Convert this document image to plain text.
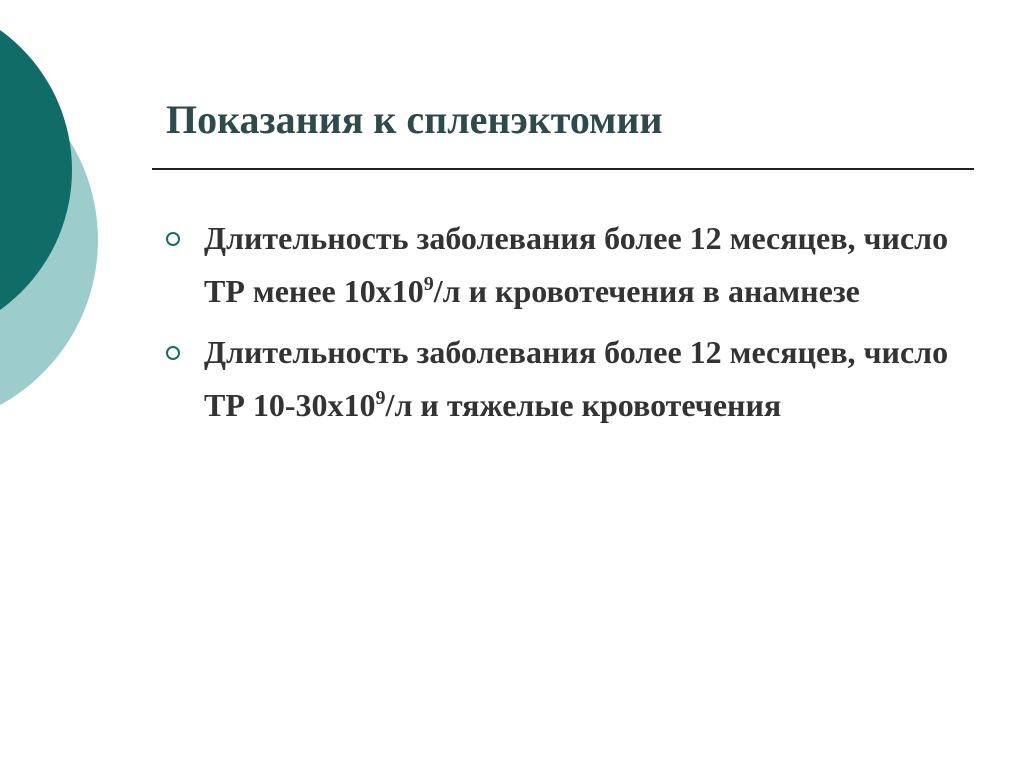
Показания к спленэктомии
Длительность заболевания более 12 месяцев, число ТР менее $10х10^9/л$ и кровотечения в анамнезе
Длительность заболевания более 12 месяцев, число ТР $10-30х10^9/л$ и тяжелые кровотечения
